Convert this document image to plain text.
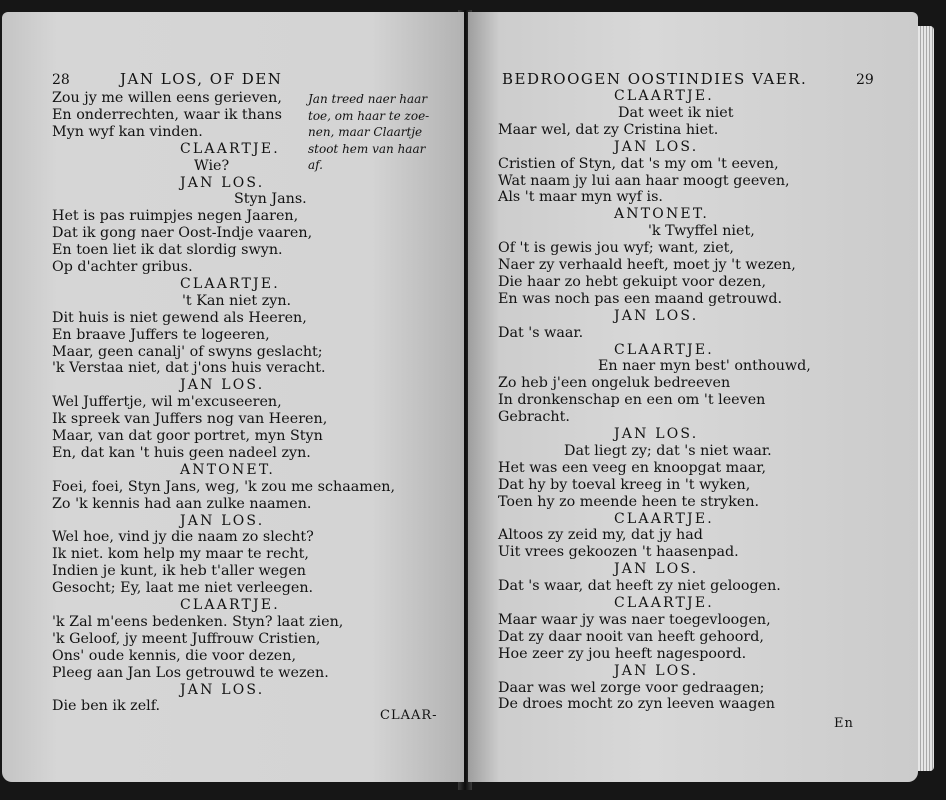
28	JAN LOS, OF DEN
Zou jy me willen eens gerieven,
En onderrechten, waar ik thans
Myn wyf kan vinden.
CLAARTJE.
Wie?
JAN LOS.
Styn Jans.
Het is pas ruimpjes negen Jaaren,
Dat ik gong naer Oost-Indje vaaren,
En toen liet ik dat slordig swyn.
Op d'achter gribus.
CLAARTJE.
't Kan niet zyn.
Dit huis is niet gewend als Heeren,
En braave Juffers te logeeren,
Maar, geen canalj' of swyns geslacht;
'k Verstaa niet, dat j'ons huis veracht.
JAN LOS.
Wel Juffertje, wil m'excuseeren,
Ik spreek van Juffers nog van Heeren,
Maar, van dat goor portret, myn Styn
En, dat kan 't huis geen nadeel zyn.
ANTONET.
Foei, foei, Styn Jans, weg, 'k zou me schaamen,
Zo 'k kennis had aan zulke naamen.
JAN LOS.
Wel hoe, vind jy die naam zo slecht?
Ik niet. kom help my maar te recht,
Indien je kunt, ik heb t'aller wegen
Gesocht; Ey, laat me niet verleegen.
CLAARTJE.
'k Zal m'eens bedenken. Styn? laat zien,
'k Geloof, jy meent Juffrouw Cristien,
Ons' oude kennis, die voor dezen,
Pleeg aan Jan Los getrouwd te wezen.
JAN LOS.
Die ben ik zelf.
Jan treed naer haar
toe, om haar te zoe-
nen, maar Claartje
stoot hem van haar
af.
CLAAR-
BEDROOGEN OOSTINDIES VAER.	29
CLAARTJE.
Dat weet ik niet
Maar wel, dat zy Cristina hiet.
JAN LOS.
Cristien of Styn, dat 's my om 't eeven,
Wat naam jy lui aan haar moogt geeven,
Als 't maar myn wyf is.
ANTONET.
'k Twyffel niet,
Of 't is gewis jou wyf; want, ziet,
Naer zy verhaald heeft, moet jy 't wezen,
Die haar zo hebt gekuipt voor dezen,
En was noch pas een maand getrouwd.
JAN LOS.
Dat 's waar.
CLAARTJE.
En naer myn best' onthouwd,
Zo heb j'een ongeluk bedreeven
In dronkenschap en een om 't leeven
Gebracht.
JAN LOS.
Dat liegt zy; dat 's niet waar.
Het was een veeg en knoopgat maar,
Dat hy by toeval kreeg in 't wyken,
Toen hy zo meende heen te stryken.
CLAARTJE.
Altoos zy zeid my, dat jy had
Uit vrees gekoozen 't haasenpad.
JAN LOS.
Dat 's waar, dat heeft zy niet geloogen.
CLAARTJE.
Maar waar jy was naer toegevloogen,
Dat zy daar nooit van heeft gehoord,
Hoe zeer zy jou heeft nagespoord.
JAN LOS.
Daar was wel zorge voor gedraagen;
De droes mocht zo zyn leeven waagen
En
